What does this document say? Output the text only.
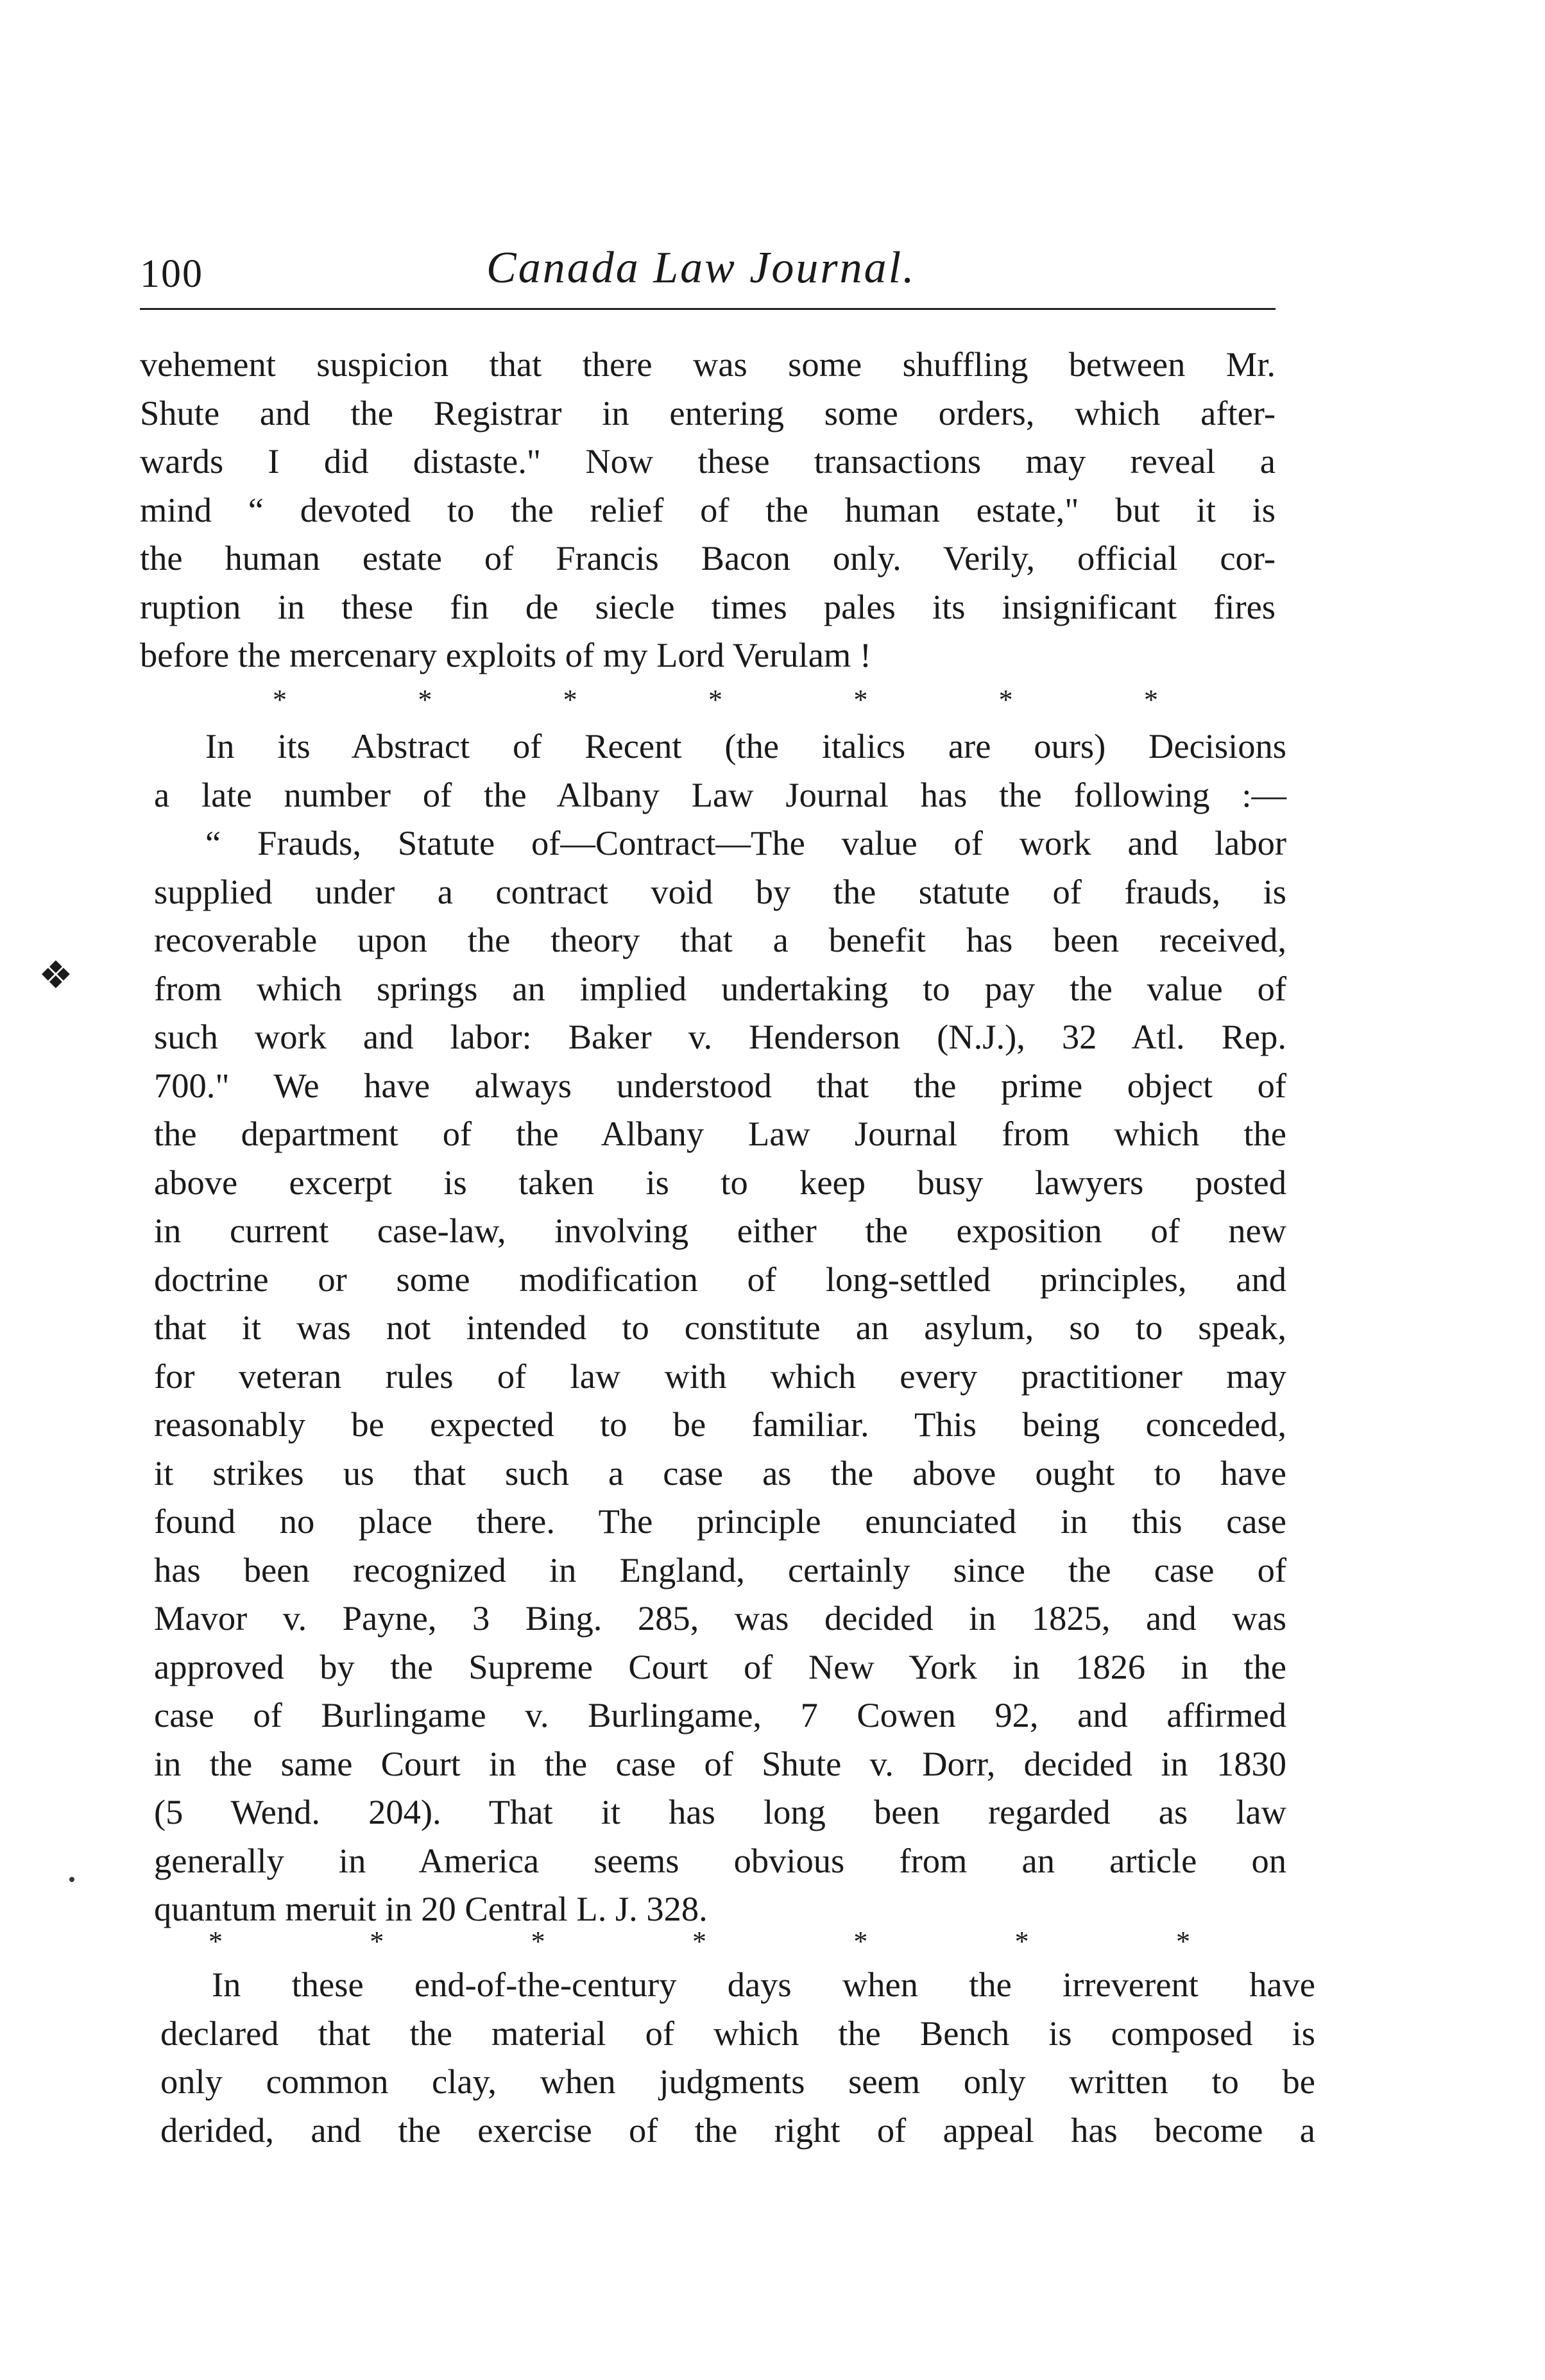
100	Canada Law Journal.
❖
vehement suspicion that there was some shuffling between Mr.
Shute and the Registrar in entering some orders, which after-
wards I did distaste." Now these transactions may reveal a
mind “ devoted to the relief of the human estate," but it is
the human estate of Francis Bacon only. Verily, official cor-
ruption in these fin de siecle times pales its insignificant fires
before the mercenary exploits of my Lord Verulam !
*	*	*	*	*	*	*
In its Abstract of Recent (the italics are ours) Decisions
a late number of the Albany Law Journal has the following :—
“ Frauds, Statute of—Contract—The value of work and labor
supplied under a contract void by the statute of frauds, is
recoverable upon the theory that a benefit has been received,
from which springs an implied undertaking to pay the value of
such work and labor: Baker v. Henderson (N.J.), 32 Atl. Rep.
700." We have always understood that the prime object of
the department of the Albany Law Journal from which the
above excerpt is taken is to keep busy lawyers posted
in current case-law, involving either the exposition of new
doctrine or some modification of long-settled principles, and
that it was not intended to constitute an asylum, so to speak,
for veteran rules of law with which every practitioner may
reasonably be expected to be familiar. This being conceded,
it strikes us that such a case as the above ought to have
found no place there. The principle enunciated in this case
has been recognized in England, certainly since the case of
Mavor v. Payne, 3 Bing. 285, was decided in 1825, and was
approved by the Supreme Court of New York in 1826 in the
case of Burlingame v. Burlingame, 7 Cowen 92, and affirmed
in the same Court in the case of Shute v. Dorr, decided in 1830
(5 Wend. 204). That it has long been regarded as law
generally in America seems obvious from an article on
quantum meruit in 20 Central L. J. 328.
*	*	*	*	*	*	*
In these end-of-the-century days when the irreverent have
declared that the material of which the Bench is composed is
only common clay, when judgments seem only written to be
derided, and the exercise of the right of appeal has become a
